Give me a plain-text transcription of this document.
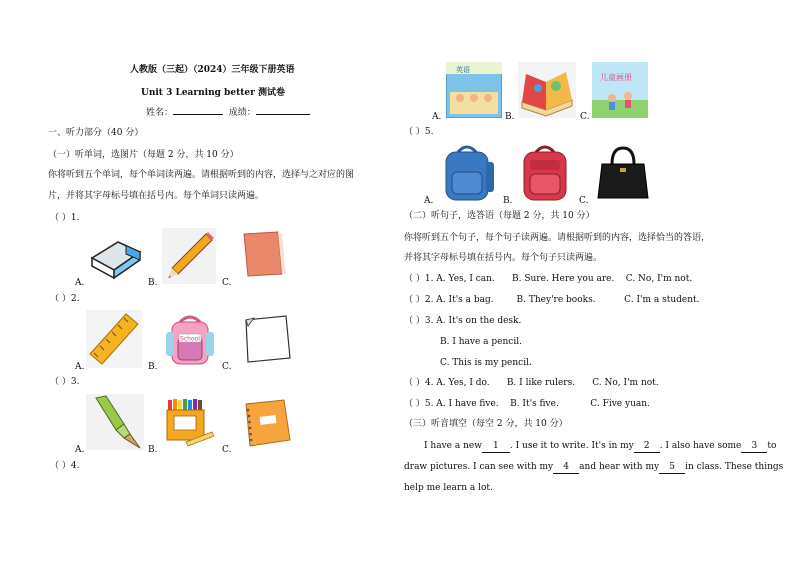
人教版（三起）（2024）三年级下册英语
Unit 3 Learning better 测试卷
姓名：	成绩：
一、听力部分（40 分）
（一）听单词，选图片（每题 2 分，共 10 分）
你将听到五个单词，每个单词读两遍。请根据听到的内容，选择与之对应的图
片，并将其字母标号填在括号内。每个单词只读两遍。
（ ）1.
（ ）2.
（ ）3.
（ ）4.
A.	B.	C.
School
A.	B.	C.
A.	B.	C.
英语
儿童画册
A.	B.	C.
（ ）5.
A.	B.	C.
（二）听句子，选答语（每题 2 分，共 10 分）
你将听到五个句子，每个句子读两遍。请根据听到的内容，选择恰当的答语，
并将其字母标号填在括号内。每个句子只读两遍。
（ ）1. A. Yes, I can.      B. Sure. Here you are.    C. No, I'm not.
（ ）2. A. It's a bag.        B. They're books.          C. I'm a student.
（ ）3. A. It's on the desk.
B. I have a pencil.
C. This is my pencil.
（ ）4. A. Yes, I do.      B. I like rulers.      C. No, I'm not.
（ ）5. A. I have five.    B. It's five.           C. Five yuan.
（三）听音填空（每空 2 分，共 10 分）
I have a new 1 . I use it to write. It's in my 2 . I also have some 3 to
draw pictures. I can see with my 4 and hear with my 5 in class. These things
help me learn a lot.
